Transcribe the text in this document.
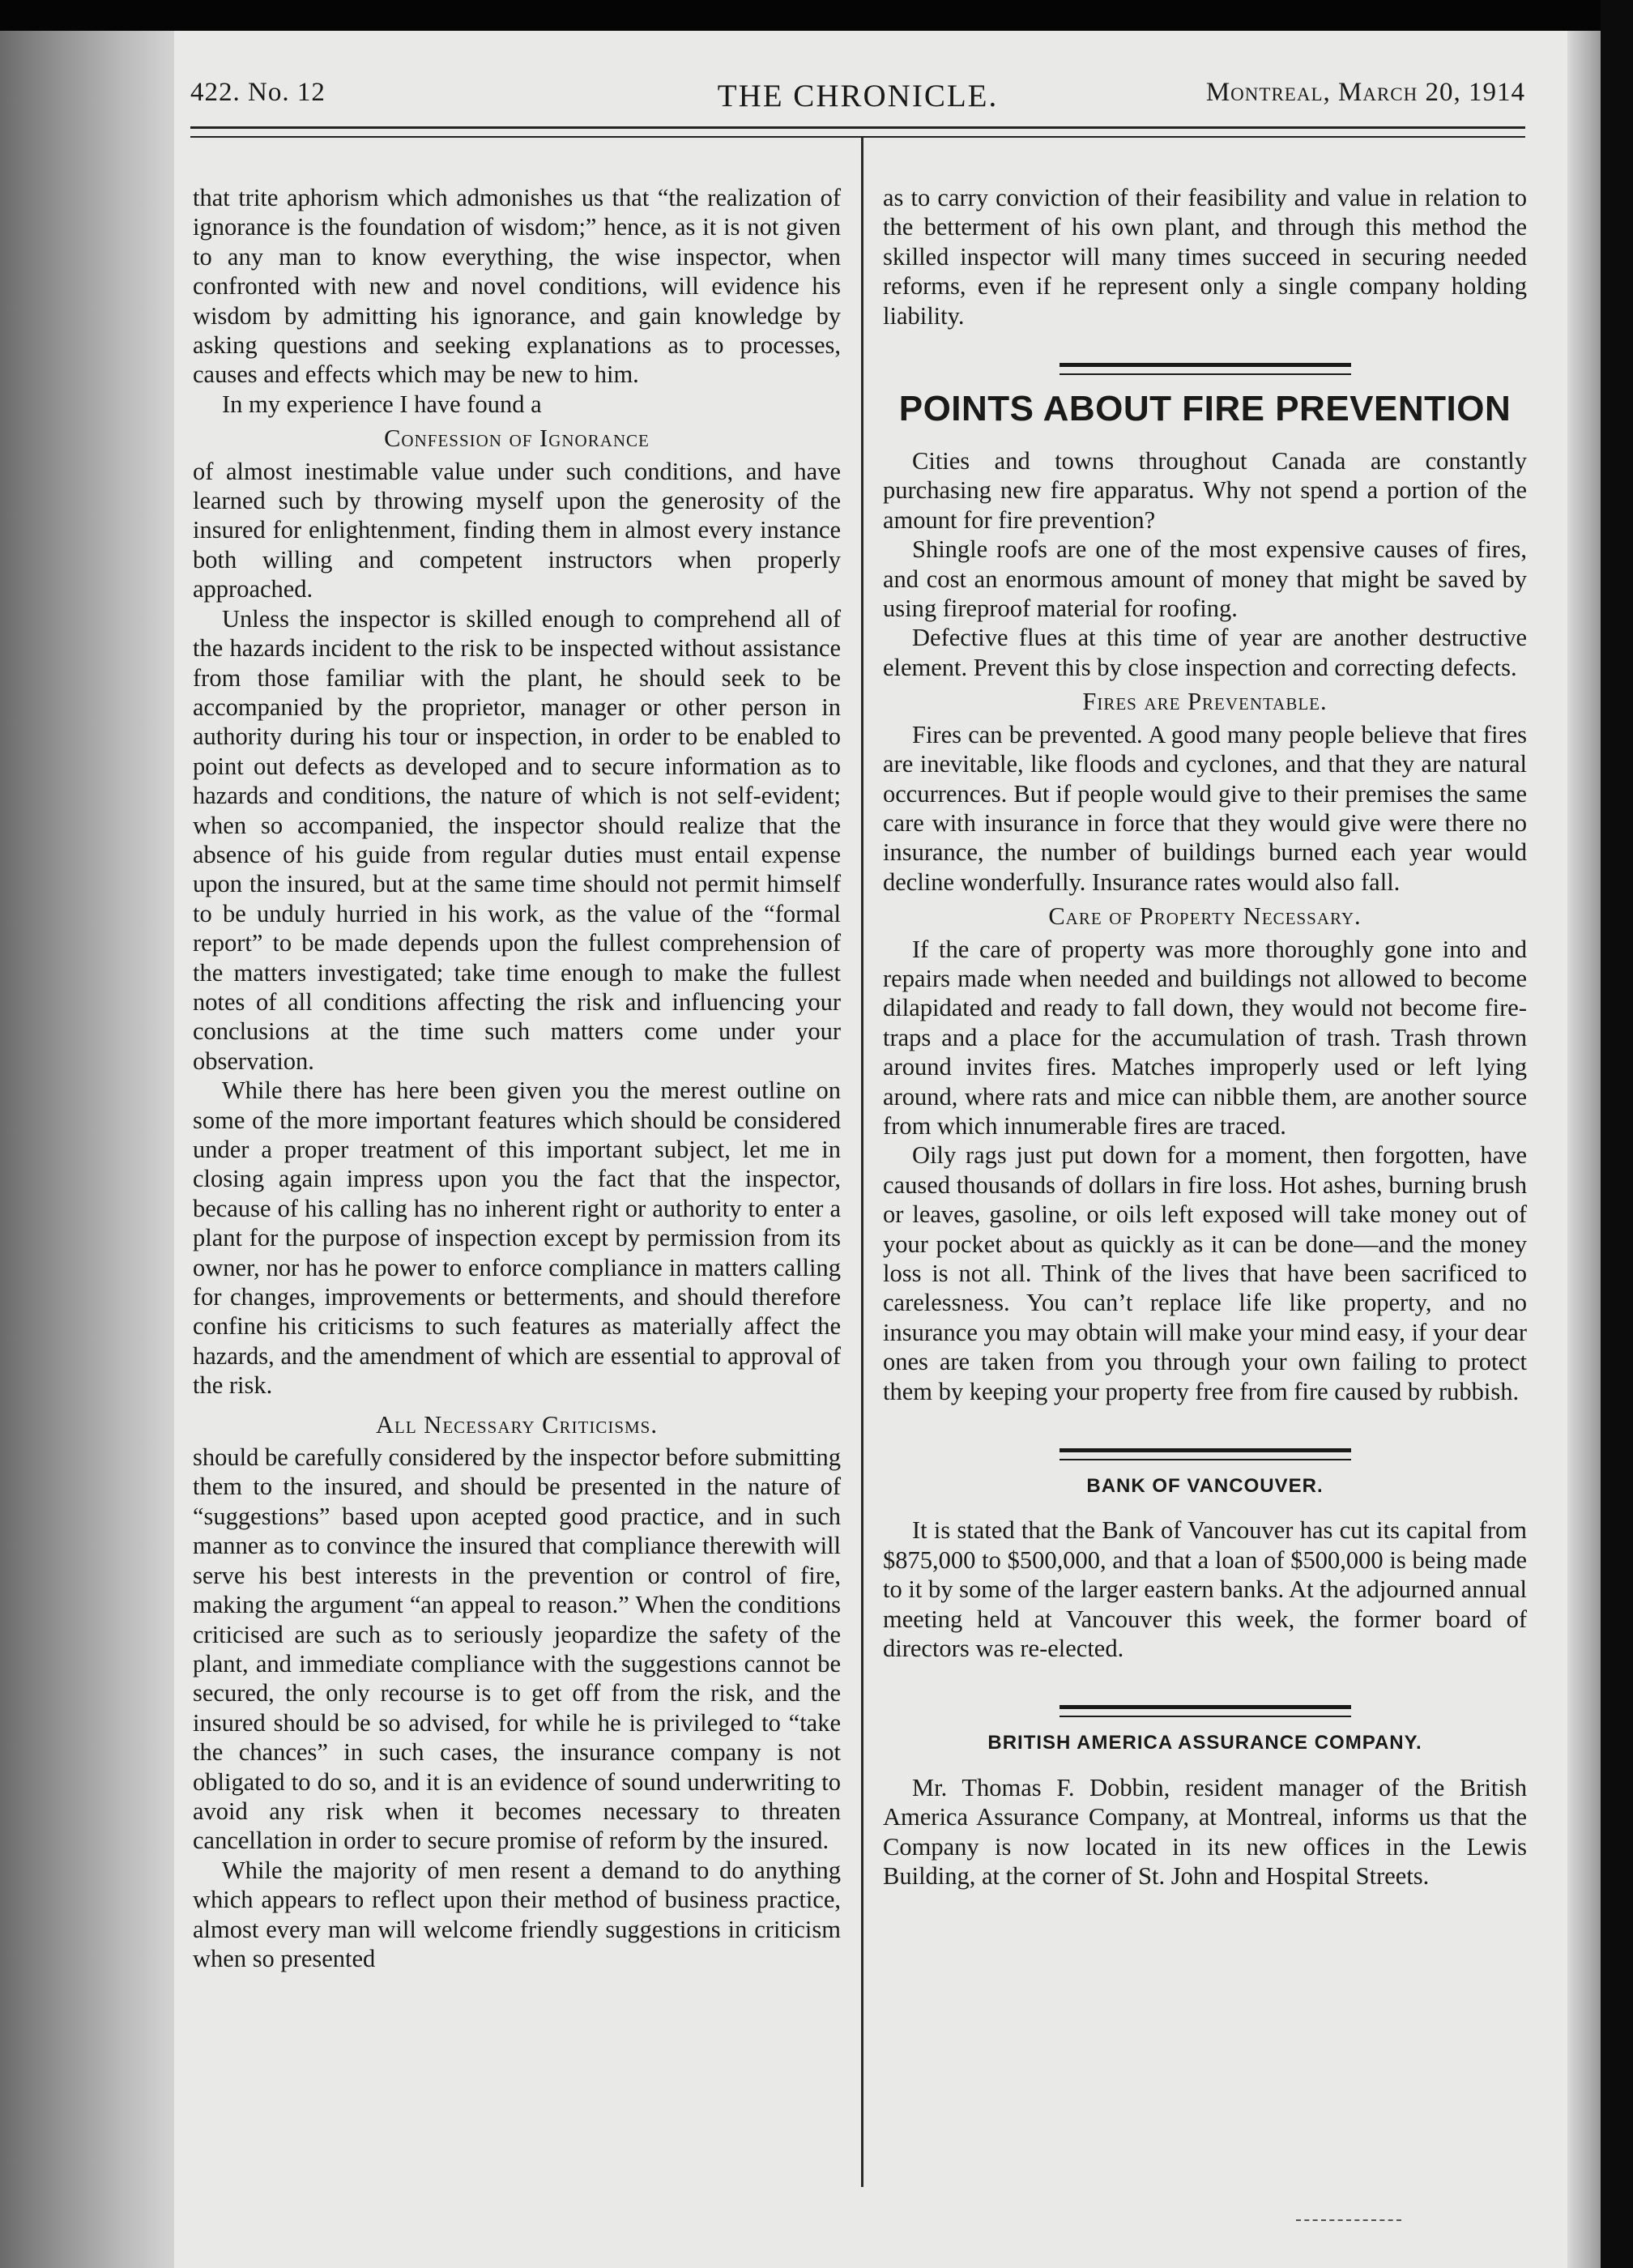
422. No. 12	THE CHRONICLE.	Montreal, March 20, 1914

that trite aphorism which admonishes us that “the realization of ignorance is the foundation of wisdom;” hence, as it is not given to any man to know everything, the wise inspector, when confronted with new and novel conditions, will evidence his wisdom by admitting his ignorance, and gain knowledge by asking questions and seeking explanations as to processes, causes and effects which may be new to him.

In my experience I have found a

Confession of Ignorance

of almost inestimable value under such conditions, and have learned such by throwing myself upon the generosity of the insured for enlightenment, finding them in almost every instance both willing and competent instructors when properly approached.

Unless the inspector is skilled enough to comprehend all of the hazards incident to the risk to be inspected without assistance from those familiar with the plant, he should seek to be accompanied by the proprietor, manager or other person in authority during his tour or inspection, in order to be enabled to point out defects as developed and to secure information as to hazards and conditions, the nature of which is not self-evident; when so accompanied, the inspector should realize that the absence of his guide from regular duties must entail expense upon the insured, but at the same time should not permit himself to be unduly hurried in his work, as the value of the “formal report” to be made depends upon the fullest comprehension of the matters investigated; take time enough to make the fullest notes of all conditions affecting the risk and influencing your conclusions at the time such matters come under your observation.

While there has here been given you the merest outline on some of the more important features which should be considered under a proper treatment of this important subject, let me in closing again impress upon you the fact that the inspector, because of his calling has no inherent right or authority to enter a plant for the purpose of inspection except by permission from its owner, nor has he power to enforce compliance in matters calling for changes, improvements or betterments, and should therefore confine his criticisms to such features as materially affect the hazards, and the amendment of which are essential to approval of the risk.

All Necessary Criticisms.

should be carefully considered by the inspector before submitting them to the insured, and should be presented in the nature of “suggestions” based upon acepted good practice, and in such manner as to convince the insured that compliance therewith will serve his best interests in the prevention or control of fire, making the argument “an appeal to reason.” When the conditions criticised are such as to seriously jeopardize the safety of the plant, and immediate compliance with the suggestions cannot be secured, the only recourse is to get off from the risk, and the insured should be so advised, for while he is privileged to “take the chances” in such cases, the insurance company is not obligated to do so, and it is an evidence of sound underwriting to avoid any risk when it becomes necessary to threaten cancellation in order to secure promise of reform by the insured.

While the majority of men resent a demand to do anything which appears to reflect upon their method of business practice, almost every man will welcome friendly suggestions in criticism when so presented

as to carry conviction of their feasibility and value in relation to the betterment of his own plant, and through this method the skilled inspector will many times succeed in securing needed reforms, even if he represent only a single company holding liability.

POINTS ABOUT FIRE PREVENTION

Cities and towns throughout Canada are constantly purchasing new fire apparatus. Why not spend a portion of the amount for fire prevention?

Shingle roofs are one of the most expensive causes of fires, and cost an enormous amount of money that might be saved by using fireproof material for roofing.

Defective flues at this time of year are another destructive element. Prevent this by close inspection and correcting defects.

Fires are Preventable.

Fires can be prevented. A good many people believe that fires are inevitable, like floods and cyclones, and that they are natural occurrences. But if people would give to their premises the same care with insurance in force that they would give were there no insurance, the number of buildings burned each year would decline wonderfully. Insurance rates would also fall.

Care of Property Necessary.

If the care of property was more thoroughly gone into and repairs made when needed and buildings not allowed to become dilapidated and ready to fall down, they would not become fire-traps and a place for the accumulation of trash. Trash thrown around invites fires. Matches improperly used or left lying around, where rats and mice can nibble them, are another source from which innumerable fires are traced.

Oily rags just put down for a moment, then forgotten, have caused thousands of dollars in fire loss. Hot ashes, burning brush or leaves, gasoline, or oils left exposed will take money out of your pocket about as quickly as it can be done—and the money loss is not all. Think of the lives that have been sacrificed to carelessness. You can’t replace life like property, and no insurance you may obtain will make your mind easy, if your dear ones are taken from you through your own failing to protect them by keeping your property free from fire caused by rubbish.

BANK OF VANCOUVER.

It is stated that the Bank of Vancouver has cut its capital from $875,000 to $500,000, and that a loan of $500,000 is being made to it by some of the larger eastern banks. At the adjourned annual meeting held at Vancouver this week, the former board of directors was re-elected.

BRITISH AMERICA ASSURANCE COMPANY.

Mr. Thomas F. Dobbin, resident manager of the British America Assurance Company, at Montreal, informs us that the Company is now located in its new offices in the Lewis Building, at the corner of St. John and Hospital Streets.
